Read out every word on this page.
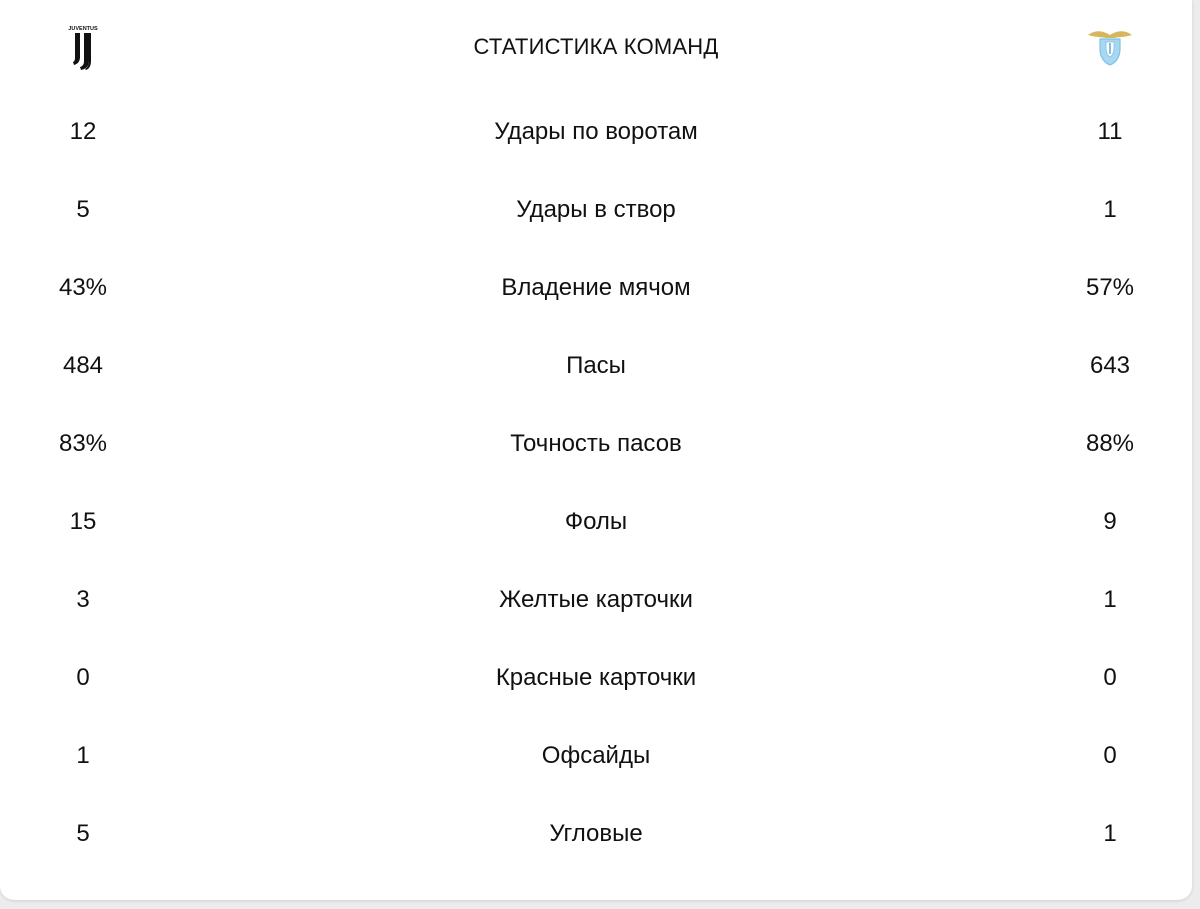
JUVENTUS
СТАТИСТИКА КОМАНД
12	Удары по воротам	11
5	Удары в створ	1
43%	Владение мячом	57%
484	Пасы	643
83%	Точность пасов	88%
15	Фолы	9
3	Желтые карточки	1
0	Красные карточки	0
1	Офсайды	0
5	Угловые	1
